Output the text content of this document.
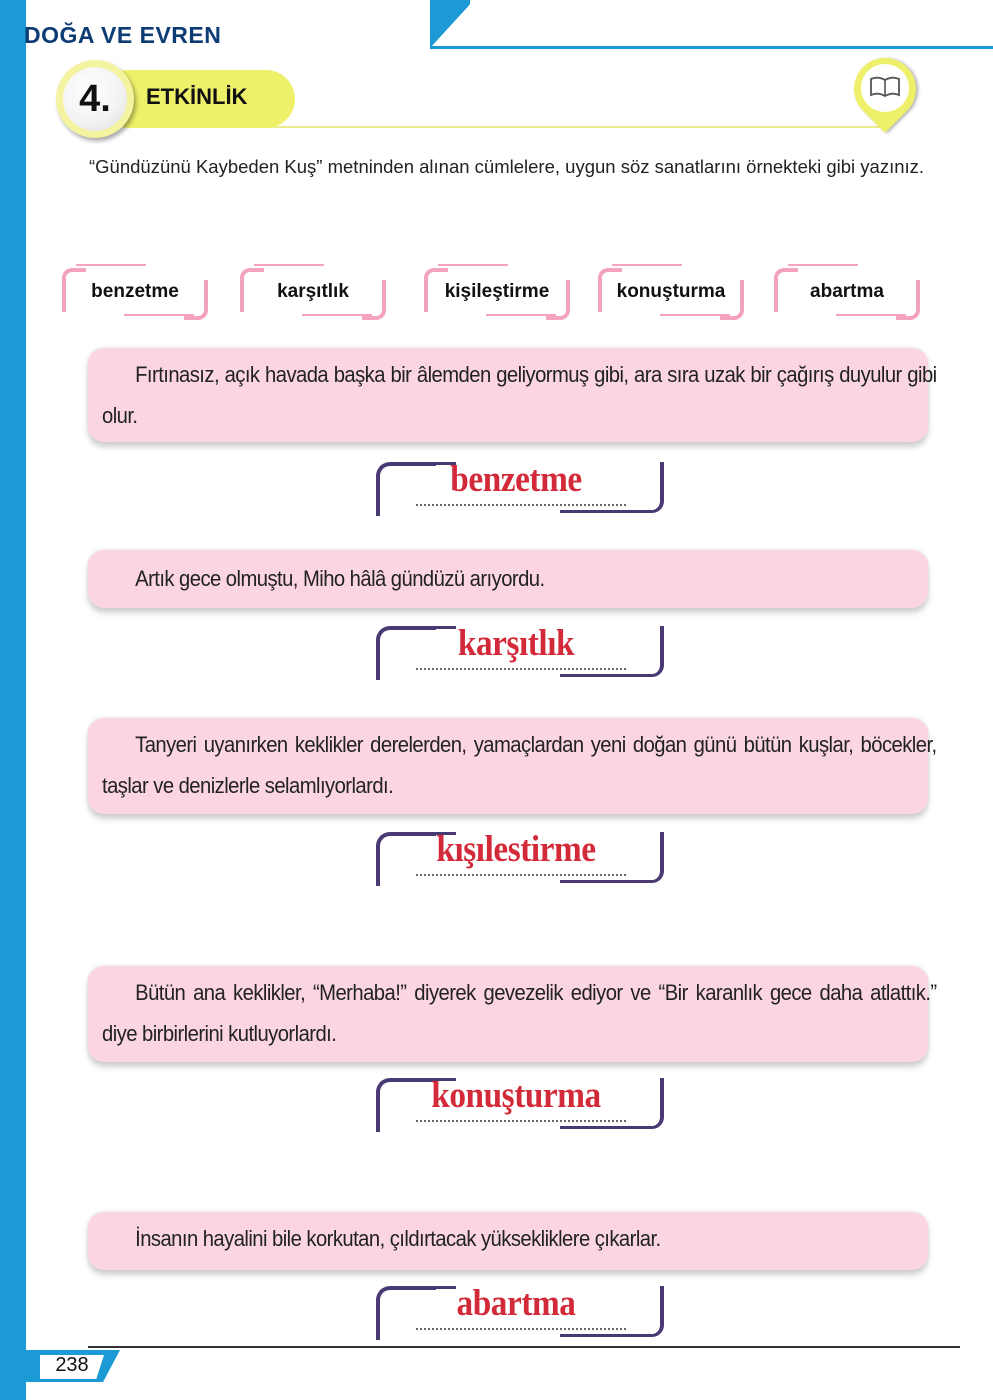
DOĞA VE EVREN
4.	ETKİNLİK
“Gündüzünü Kaybeden Kuş” metninden alınan cümlelere, uygun söz sanatlarını örnekteki gibi yazınız.
benzetme	karşıtlık	kişileştirme	konuşturma	abartma
Fırtınasız, açık havada başka bir âlemden geliyormuş gibi, ara sıra uzak bir çağırış duyulur gibi olur.
benzetme
Artık gece olmuştu, Miho hâlâ gündüzü arıyordu.
karşıtlık
Tanyeri uyanırken keklikler derelerden, yamaçlardan yeni doğan günü bütün kuşlar, böcekler, taşlar ve denizlerle selamlıyorlardı.
kışılestirme
Bütün ana keklikler, “Merhaba!” diyerek gevezelik ediyor ve “Bir karanlık gece daha atlattık.” diye birbirlerini kutluyorlardı.
konuşturma
İnsanın hayalini bile korkutan, çıldırtacak yüksekliklere çıkarlar.
abartma
238
